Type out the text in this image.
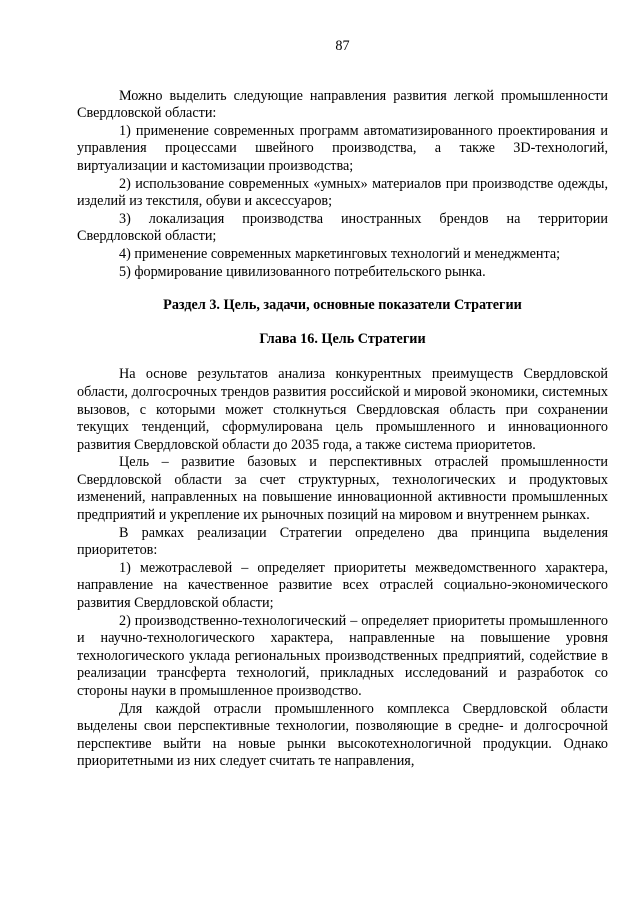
87

Можно выделить следующие направления развития легкой промышленности Свердловской области:

1) применение современных программ автоматизированного проектирования и управления процессами швейного производства, а также 3D-технологий, виртуализации и кастомизации производства;

2) использование современных «умных» материалов при производстве одежды, изделий из текстиля, обуви и аксессуаров;

3) локализация производства иностранных брендов на территории Свердловской области;

4) применение современных маркетинговых технологий и менеджмента;

5) формирование цивилизованного потребительского рынка.

Раздел 3. Цель, задачи, основные показатели Стратегии
Глава 16. Цель Стратегии

На основе результатов анализа конкурентных преимуществ Свердловской области, долгосрочных трендов развития российской и мировой экономики, системных вызовов, с которыми может столкнуться Свердловская область при сохранении текущих тенденций, сформулирована цель промышленного и инновационного развития Свердловской области до 2035 года, а также система приоритетов.

Цель – развитие базовых и перспективных отраслей промышленности Свердловской области за счет структурных, технологических и продуктовых изменений, направленных на повышение инновационной активности промышленных предприятий и укрепление их рыночных позиций на мировом и внутреннем рынках.

В рамках реализации Стратегии определено два принципа выделения приоритетов:

1) межотраслевой – определяет приоритеты межведомственного характера, направление на качественное развитие всех отраслей социально-экономического развития Свердловской области;

2) производственно-технологический – определяет приоритеты промышленного и научно-технологического характера, направленные на повышение уровня технологического уклада региональных производственных предприятий, содействие в реализации трансферта технологий, прикладных исследований и разработок со стороны науки в промышленное производство.

Для каждой отрасли промышленного комплекса Свердловской области выделены свои перспективные технологии, позволяющие в средне- и долгосрочной перспективе выйти на новые рынки высокотехнологичной продукции. Однако приоритетными из них следует считать те направления,
